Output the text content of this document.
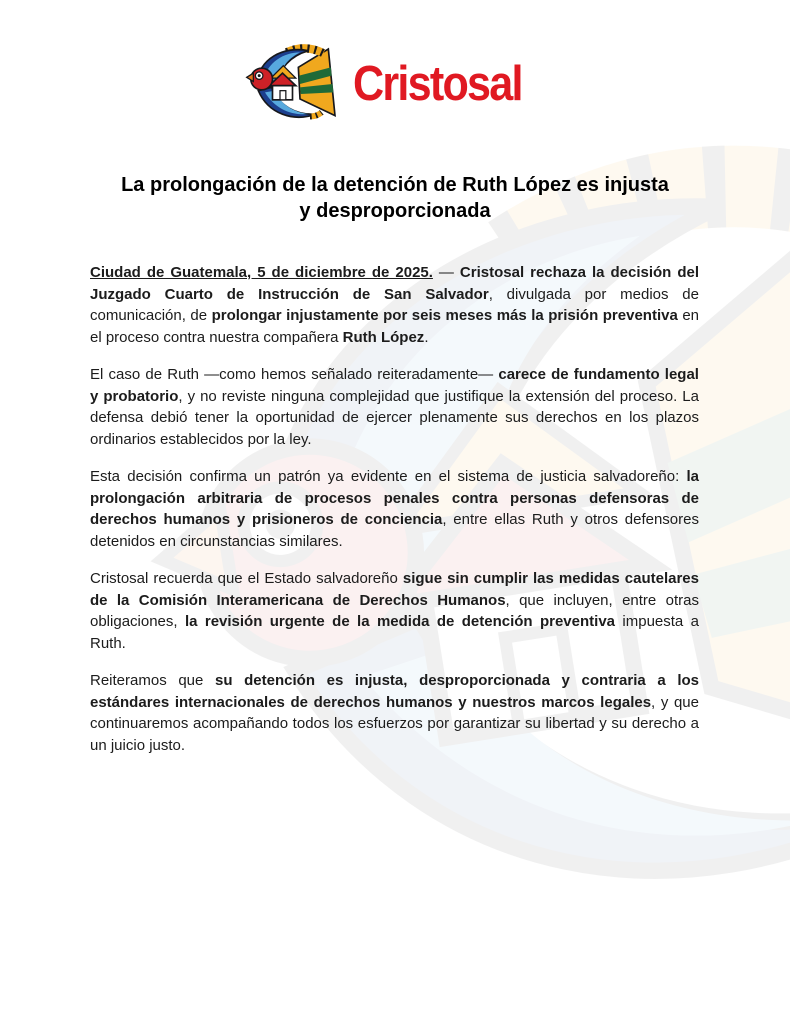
Cristosal
La prolongación de la detención de Ruth López es injusta
y desproporcionada

Ciudad de Guatemala, 5 de diciembre de 2025. — Cristosal rechaza la decisión del Juzgado Cuarto de Instrucción de San Salvador, divulgada por medios de comunicación, de prolongar injustamente por seis meses más la prisión preventiva en el proceso contra nuestra compañera Ruth López.

El caso de Ruth —como hemos señalado reiteradamente— carece de fundamento legal y probatorio, y no reviste ninguna complejidad que justifique la extensión del proceso. La defensa debió tener la oportunidad de ejercer plenamente sus derechos en los plazos ordinarios establecidos por la ley.

Esta decisión confirma un patrón ya evidente en el sistema de justicia salvadoreño: la prolongación arbitraria de procesos penales contra personas defensoras de derechos humanos y prisioneros de conciencia, entre ellas Ruth y otros defensores detenidos en circunstancias similares.

Cristosal recuerda que el Estado salvadoreño sigue sin cumplir las medidas cautelares de la Comisión Interamericana de Derechos Humanos, que incluyen, entre otras obligaciones, la revisión urgente de la medida de detención preventiva impuesta a Ruth.

Reiteramos que su detención es injusta, desproporcionada y contraria a los estándares internacionales de derechos humanos y nuestros marcos legales, y que continuaremos acompañando todos los esfuerzos por garantizar su libertad y su derecho a un juicio justo.
